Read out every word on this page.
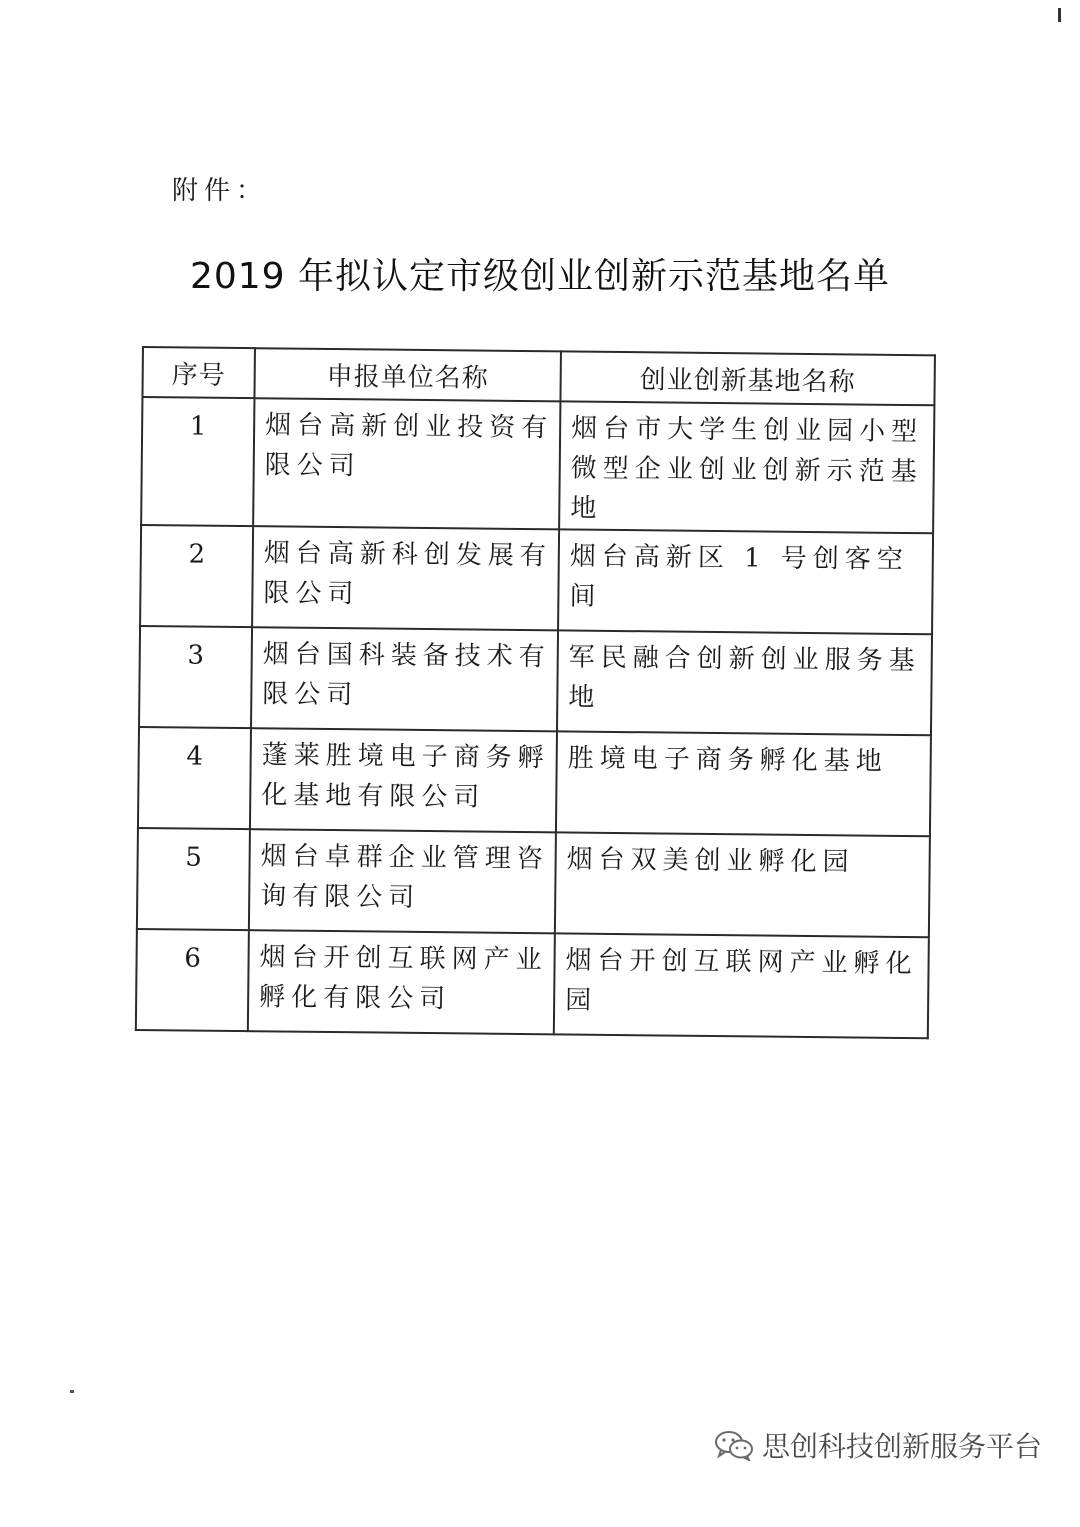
附件：
2019 年拟认定市级创业创新示范基地名单
序号	申报单位名称	创业创新基地名称
1	烟台高新创业投资有限公司	烟台市大学生创业园小型微型企业创业创新示范基地
2	烟台高新科创发展有限公司	烟台高新区 1 号创客空间
3	烟台国科装备技术有限公司	军民融合创新创业服务基地
4	蓬莱胜境电子商务孵化基地有限公司	胜境电子商务孵化基地
5	烟台卓群企业管理咨询有限公司	烟台双美创业孵化园
6	烟台开创互联网产业孵化有限公司	烟台开创互联网产业孵化园
思创科技创新服务平台
